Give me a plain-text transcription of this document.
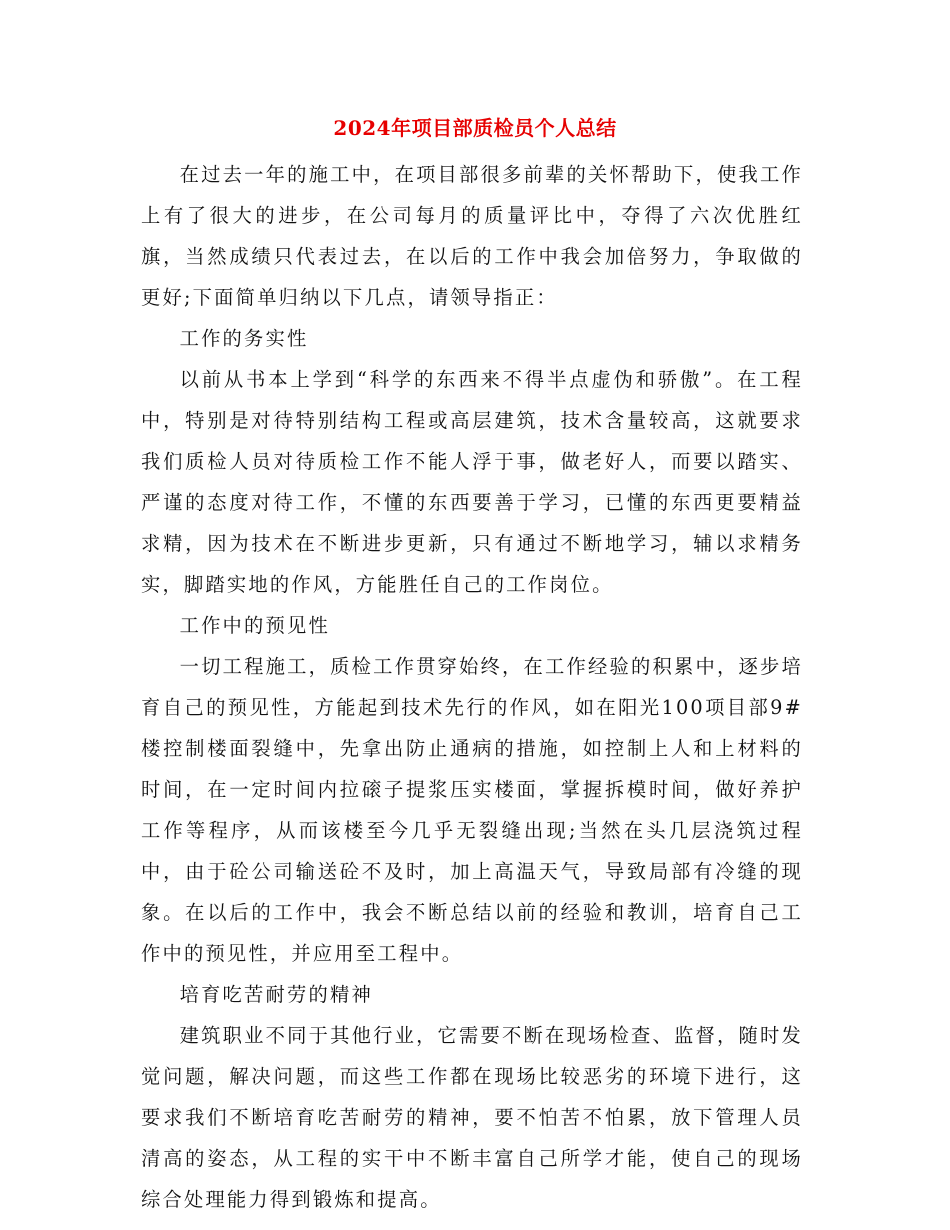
2024年项目部质检员个人总结

在过去一年的施工中，在项目部很多前辈的关怀帮助下，使我工作上有了很大的进步，在公司每月的质量评比中，夺得了六次优胜红旗，当然成绩只代表过去，在以后的工作中我会加倍努力，争取做的更好;下面简单归纳以下几点，请领导指正：

工作的务实性

以前从书本上学到“科学的东西来不得半点虚伪和骄傲”。在工程中，特别是对待特别结构工程或高层建筑，技术含量较高，这就要求我们质检人员对待质检工作不能人浮于事，做老好人，而要以踏实、严谨的态度对待工作，不懂的东西要善于学习，已懂的东西更要精益求精，因为技术在不断进步更新，只有通过不断地学习，辅以求精务实，脚踏实地的作风，方能胜任自己的工作岗位。

工作中的预见性

一切工程施工，质检工作贯穿始终，在工作经验的积累中，逐步培育自己的预见性，方能起到技术先行的作风，如在阳光100项目部9#楼控制楼面裂缝中，先拿出防止通病的措施，如控制上人和上材料的时间，在一定时间内拉磙子提浆压实楼面，掌握拆模时间，做好养护工作等程序，从而该楼至今几乎无裂缝出现;当然在头几层浇筑过程中，由于砼公司输送砼不及时，加上高温天气，导致局部有冷缝的现象。在以后的工作中，我会不断总结以前的经验和教训，培育自己工作中的预见性，并应用至工程中。

培育吃苦耐劳的精神

建筑职业不同于其他行业，它需要不断在现场检查、监督，随时发觉问题，解决问题，而这些工作都在现场比较恶劣的环境下进行，这要求我们不断培育吃苦耐劳的精神，要不怕苦不怕累，放下管理人员清高的姿态，从工程的实干中不断丰富自己所学才能，使自己的现场综合处理能力得到锻炼和提高。
